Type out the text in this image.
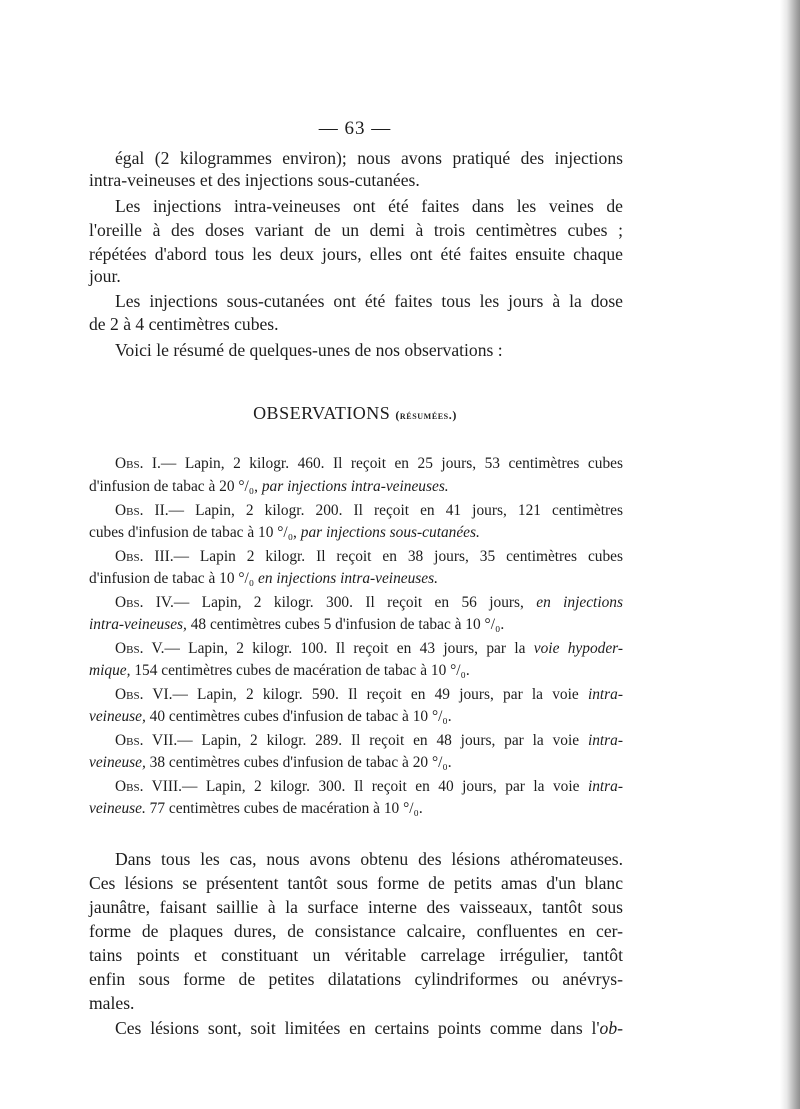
— 63 —
égal (2 kilogrammes environ); nous avons pratiqué des injections
intra-veineuses et des injections sous-cutanées.
Les injections intra-veineuses ont été faites dans les veines de
l'oreille à des doses variant de un demi à trois centimètres cubes ;
répétées d'abord tous les deux jours, elles ont été faites ensuite chaque
jour.
Les injections sous-cutanées ont été faites tous les jours à la dose
de 2 à 4 centimètres cubes.
Voici le résumé de quelques-unes de nos observations :
OBSERVATIONS (résumées.)
Obs. I.— Lapin, 2 kilogr. 460. Il reçoit en 25 jours, 53 centimètres cubes
d'infusion de tabac à 20 °/₀, par injections intra-veineuses.
Obs. II.— Lapin, 2 kilogr. 200. Il reçoit en 41 jours, 121 centimètres
cubes d'infusion de tabac à 10 °/₀, par injections sous-cutanées.
Obs. III.— Lapin 2 kilogr. Il reçoit en 38 jours, 35 centimètres cubes
d'infusion de tabac à 10 °/₀ en injections intra-veineuses.
Obs. IV.— Lapin, 2 kilogr. 300. Il reçoit en 56 jours, en injections
intra-veineuses, 48 centimètres cubes 5 d'infusion de tabac à 10 °/₀.
Obs. V.— Lapin, 2 kilogr. 100. Il reçoit en 43 jours, par la voie hypoder-
mique, 154 centimètres cubes de macération de tabac à 10 °/₀.
Obs. VI.— Lapin, 2 kilogr. 590. Il reçoit en 49 jours, par la voie intra-
veineuse, 40 centimètres cubes d'infusion de tabac à 10 °/₀.
Obs. VII.— Lapin, 2 kilogr. 289. Il reçoit en 48 jours, par la voie intra-
veineuse, 38 centimètres cubes d'infusion de tabac à 20 °/₀.
Obs. VIII.— Lapin, 2 kilogr. 300. Il reçoit en 40 jours, par la voie intra-
veineuse. 77 centimètres cubes de macération à 10 °/₀.
Dans tous les cas, nous avons obtenu des lésions athéromateuses.
Ces lésions se présentent tantôt sous forme de petits amas d'un blanc
jaunâtre, faisant saillie à la surface interne des vaisseaux, tantôt sous
forme de plaques dures, de consistance calcaire, confluentes en cer-
tains points et constituant un véritable carrelage irrégulier, tantôt
enfin sous forme de petites dilatations cylindriformes ou anévrys-
males.
Ces lésions sont, soit limitées en certains points comme dans l'ob-
